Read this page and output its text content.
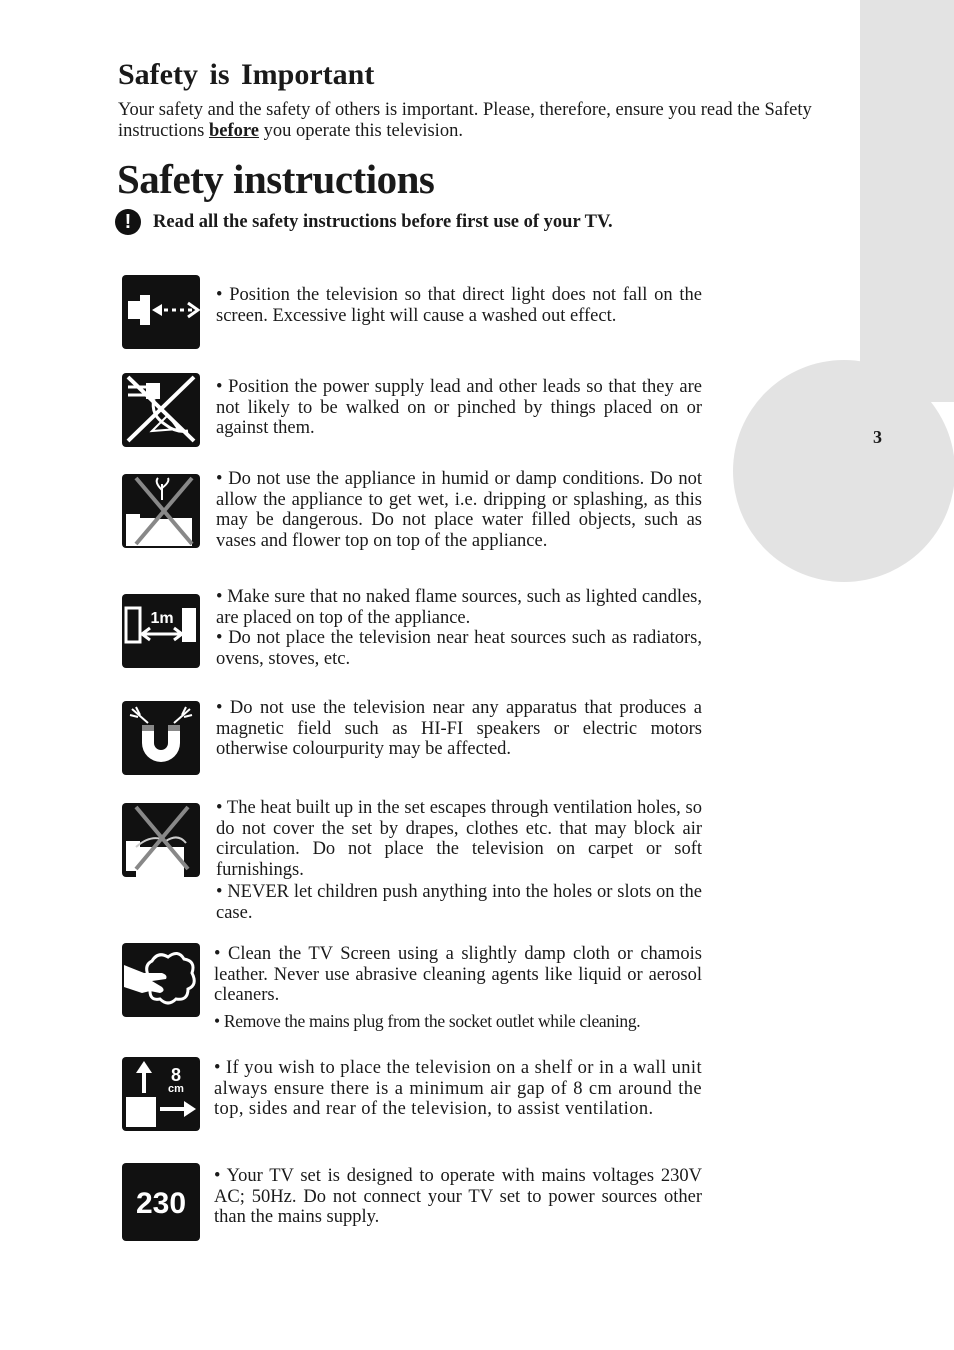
3
Safety is Important

Your safety and the safety of others is important. Please, therefore, ensure you read the Safety instructions before you operate this television.

Safety instructions
!	Read all the safety instructions before first use of your TV.

• Position the television so that direct light does not fall on the screen. Excessive light will cause a washed out effect.

• Position the power supply lead and other leads so that they are not likely to be walked on or pinched by things placed on or against them.

• Do not use the appliance in humid or damp conditions. Do not allow the appliance to get wet, i.e. dripping or splashing, as this may be dangerous. Do not place water filled objects, such as vases and flower top on top of the appliance.

1m

• Make sure that no naked flame sources, such as lighted candles, are placed on top of the appliance.

• Do not place the television near heat sources such as radiators, ovens, stoves, etc.

• Do not use the television near any apparatus that produces a magnetic field such as HI-FI speakers or electric motors otherwise colourpurity may be affected.

• The heat built up in the set escapes through ventilation holes, so do not cover the set by drapes, clothes etc. that may block air circulation. Do not place the television on carpet or soft furnishings.

• NEVER let children push anything into the holes or slots on the case.

• Clean the TV Screen using a slightly damp cloth or chamois leather. Never use abrasive cleaning agents like liquid or aerosol cleaners.

• Remove the mains plug from the socket outlet while cleaning.

8
cm

• If you wish to place the television on a shelf or in a wall unit always ensure there is a minimum air gap of 8 cm around the top, sides and rear of the television, to assist ventilation.

230

• Your TV set is designed to operate with mains voltages 230V AC; 50Hz. Do not connect your TV set to power sources other than the mains supply.
